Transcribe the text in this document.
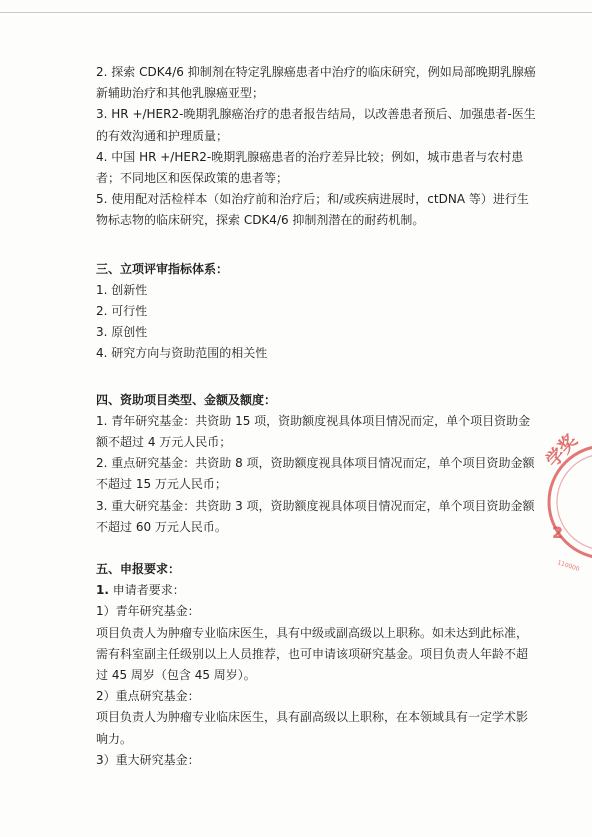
2. 探索 CDK4/6 抑制剂在特定乳腺癌患者中治疗的临床研究，例如局部晚期乳腺癌新辅助治疗和其他乳腺癌亚型；

3. HR +/HER2-晚期乳腺癌治疗的患者报告结局，以改善患者预后、加强患者-医生的有效沟通和护理质量；

4. 中国 HR +/HER2-晚期乳腺癌患者的治疗差异比较；例如，城市患者与农村患者；不同地区和医保政策的患者等；

5. 使用配对活检样本（如治疗前和治疗后；和/或疾病进展时，ctDNA 等）进行生物标志物的临床研究，探索 CDK4/6 抑制剂潜在的耐药机制。

三、立项评审指标体系：

1. 创新性

2. 可行性

3. 原创性

4. 研究方向与资助范围的相关性

四、资助项目类型、金额及额度：

1. 青年研究基金：共资助 15 项，资助额度视具体项目情况而定，单个项目资助金额不超过 4 万元人民币；

2. 重点研究基金：共资助 8 项，资助额度视具体项目情况而定，单个项目资助金额不超过 15 万元人民币；

3. 重大研究基金：共资助 3 项，资助额度视具体项目情况而定，单个项目资助金额不超过 60 万元人民币。

五、申报要求：

1. 申请者要求：

1）青年研究基金：

项目负责人为肿瘤专业临床医生，具有中级或副高级以上职称。如未达到此标准，需有科室副主任级别以上人员推荐，也可申请该项研究基金。项目负责人年龄不超过 45 周岁（包含 45 周岁）。

2）重点研究基金：

项目负责人为肿瘤专业临床医生，具有副高级以上职称，在本领域具有一定学术影响力。

3）重大研究基金：

学奖
2
110000
